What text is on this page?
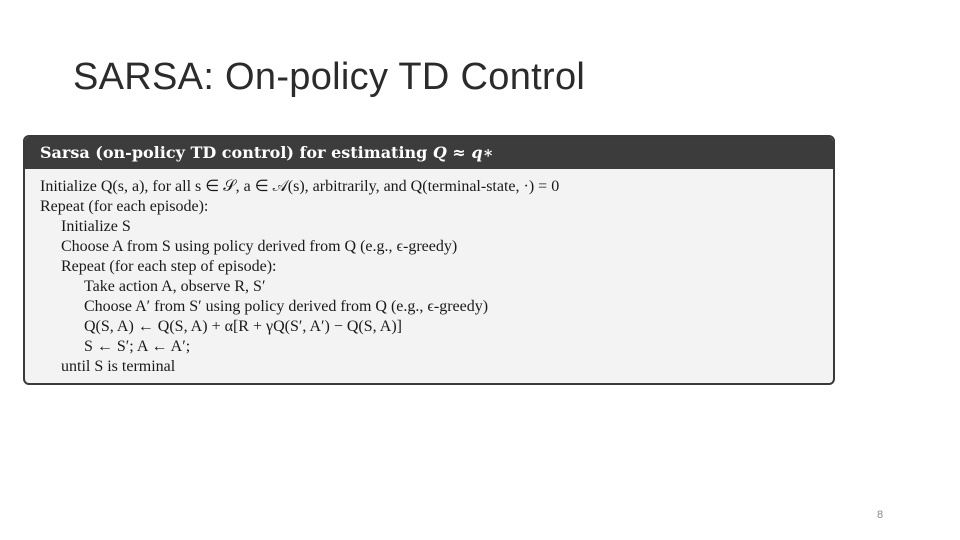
SARSA: On-policy TD Control
Sarsa (on-policy TD control) for estimating Q ≈ q∗
Initialize Q(s, a), for all s ∈ 𝒮, a ∈ 𝒜(s), arbitrarily, and Q(terminal-state, ·) = 0
Repeat (for each episode):
Initialize S
Choose A from S using policy derived from Q (e.g., ϵ-greedy)
Repeat (for each step of episode):
Take action A, observe R, S′
Choose A′ from S′ using policy derived from Q (e.g., ϵ-greedy)
Q(S, A) ← Q(S, A) + α[R + γQ(S′, A′) − Q(S, A)]
S ← S′; A ← A′;
until S is terminal
8
